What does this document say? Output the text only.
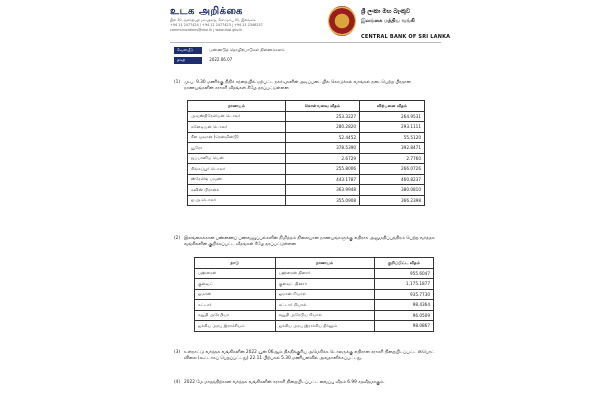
உடக அறிக்கை
இல 30, ஜனாதிபதி மாவத்தை, கொழும்பு 01, இலங்கை
+94 11 2477424 / +94 11 2477423 | +94 11 2346257
communications@cbsl.lk | www.cbsl.gov.lk
ශ්‍රී ලංකා මහ බැංකුව
இலங்கை மத்திய வங்கி
CENTRAL BANK OF SRI LANKA
வெளியீடு	பண்ணடுத் தொழிற்பாடுகள் திணைக்களம்
திகதி	2022.06.07
(1) மு.ப. 9.30 மணிக்கு நிதிச் சந்தையில் ஏற்பட்ட நகர்வுகளின் அடிப்படையில் கொடுக்கல் வாங்கல் நடைபெற்ற பிரதான நாணயங்களின் சராசரி வீதங்கள் கீழே தரப்பட்டுள்ளன
நாணயம்	கொள்வனவு வீதம்	விற்பனை வீதம்
அவுஸ்திரேலியன் டொலர்	253.3227	264.9531
கனேடியன் டொலர்	280.2820	293.1111
சீன யுவான் (ரென்மின்பி)	52.4452	55.5120
யூரோ	378.5390	392.8471
ஜப்பானிய யென்	2.6729	2.7760
சிங்கப்பூர் டொலர்	255.8006	266.0726
ஸ்ரேலிங் பவுண்	443.1787	460.8237
சுவிஸ் பிரான்க்	363.9948	380.0810
ஐ.அ.டொலர்	355.0908	366.2398
(2) இலங்கைக்கான பண்ணைப் பணவனுப்பல்களின் நிமித்தம் நிலையான நாணயங்களுக்கு எதிராக அனுமதிப்பத்திரம் பெற்ற வர்த்தக வங்கிகளின் குறிக்கப்பட்ட வீதங்கள் கீழே தரப்பட்டுள்ளன
நாடு	நாணயம்	குறிப்பிட்ட வீதம்
பஹ்ரைன்	பஹ்ரைன் தினார்	955.6047
குவைட்	குவைட் தினார்	1,175.1877
ஓமான்	ஓமான் றியால்	935.7730
கட்டார்	கட்டார் றியால்	98.4364
சவூதி அரேபியா	சவூதி அரேபிய றியால்	96.0509
ஐக்கிய அரபு இராச்சியம்	ஐக்கிய அரபு இராச்சிய திர்ஹம்	98.0867
(3) உள்நாட்டு வர்த்தக வங்கிகளின் 2022 யூன் 06ஆம் திகதிக்குரிய அமெரிக்க டொலருக்கு எதிரான சராசரி நிறையிடப்பட்ட ஸ்பொட் விலை (கூட்டாகப் பெறப்பட்டது) 22.11 பிற்பகல் 5.30 மணியளவில் அவதானிக்கப்பட்டது.
(4) 2022 மே மாதத்திற்கான வர்த்தக வங்கிகளின் சராசரி நிறையிடப்பட்ட வைப்பு வீதம் 6.99 சதவீதமாகும்.
